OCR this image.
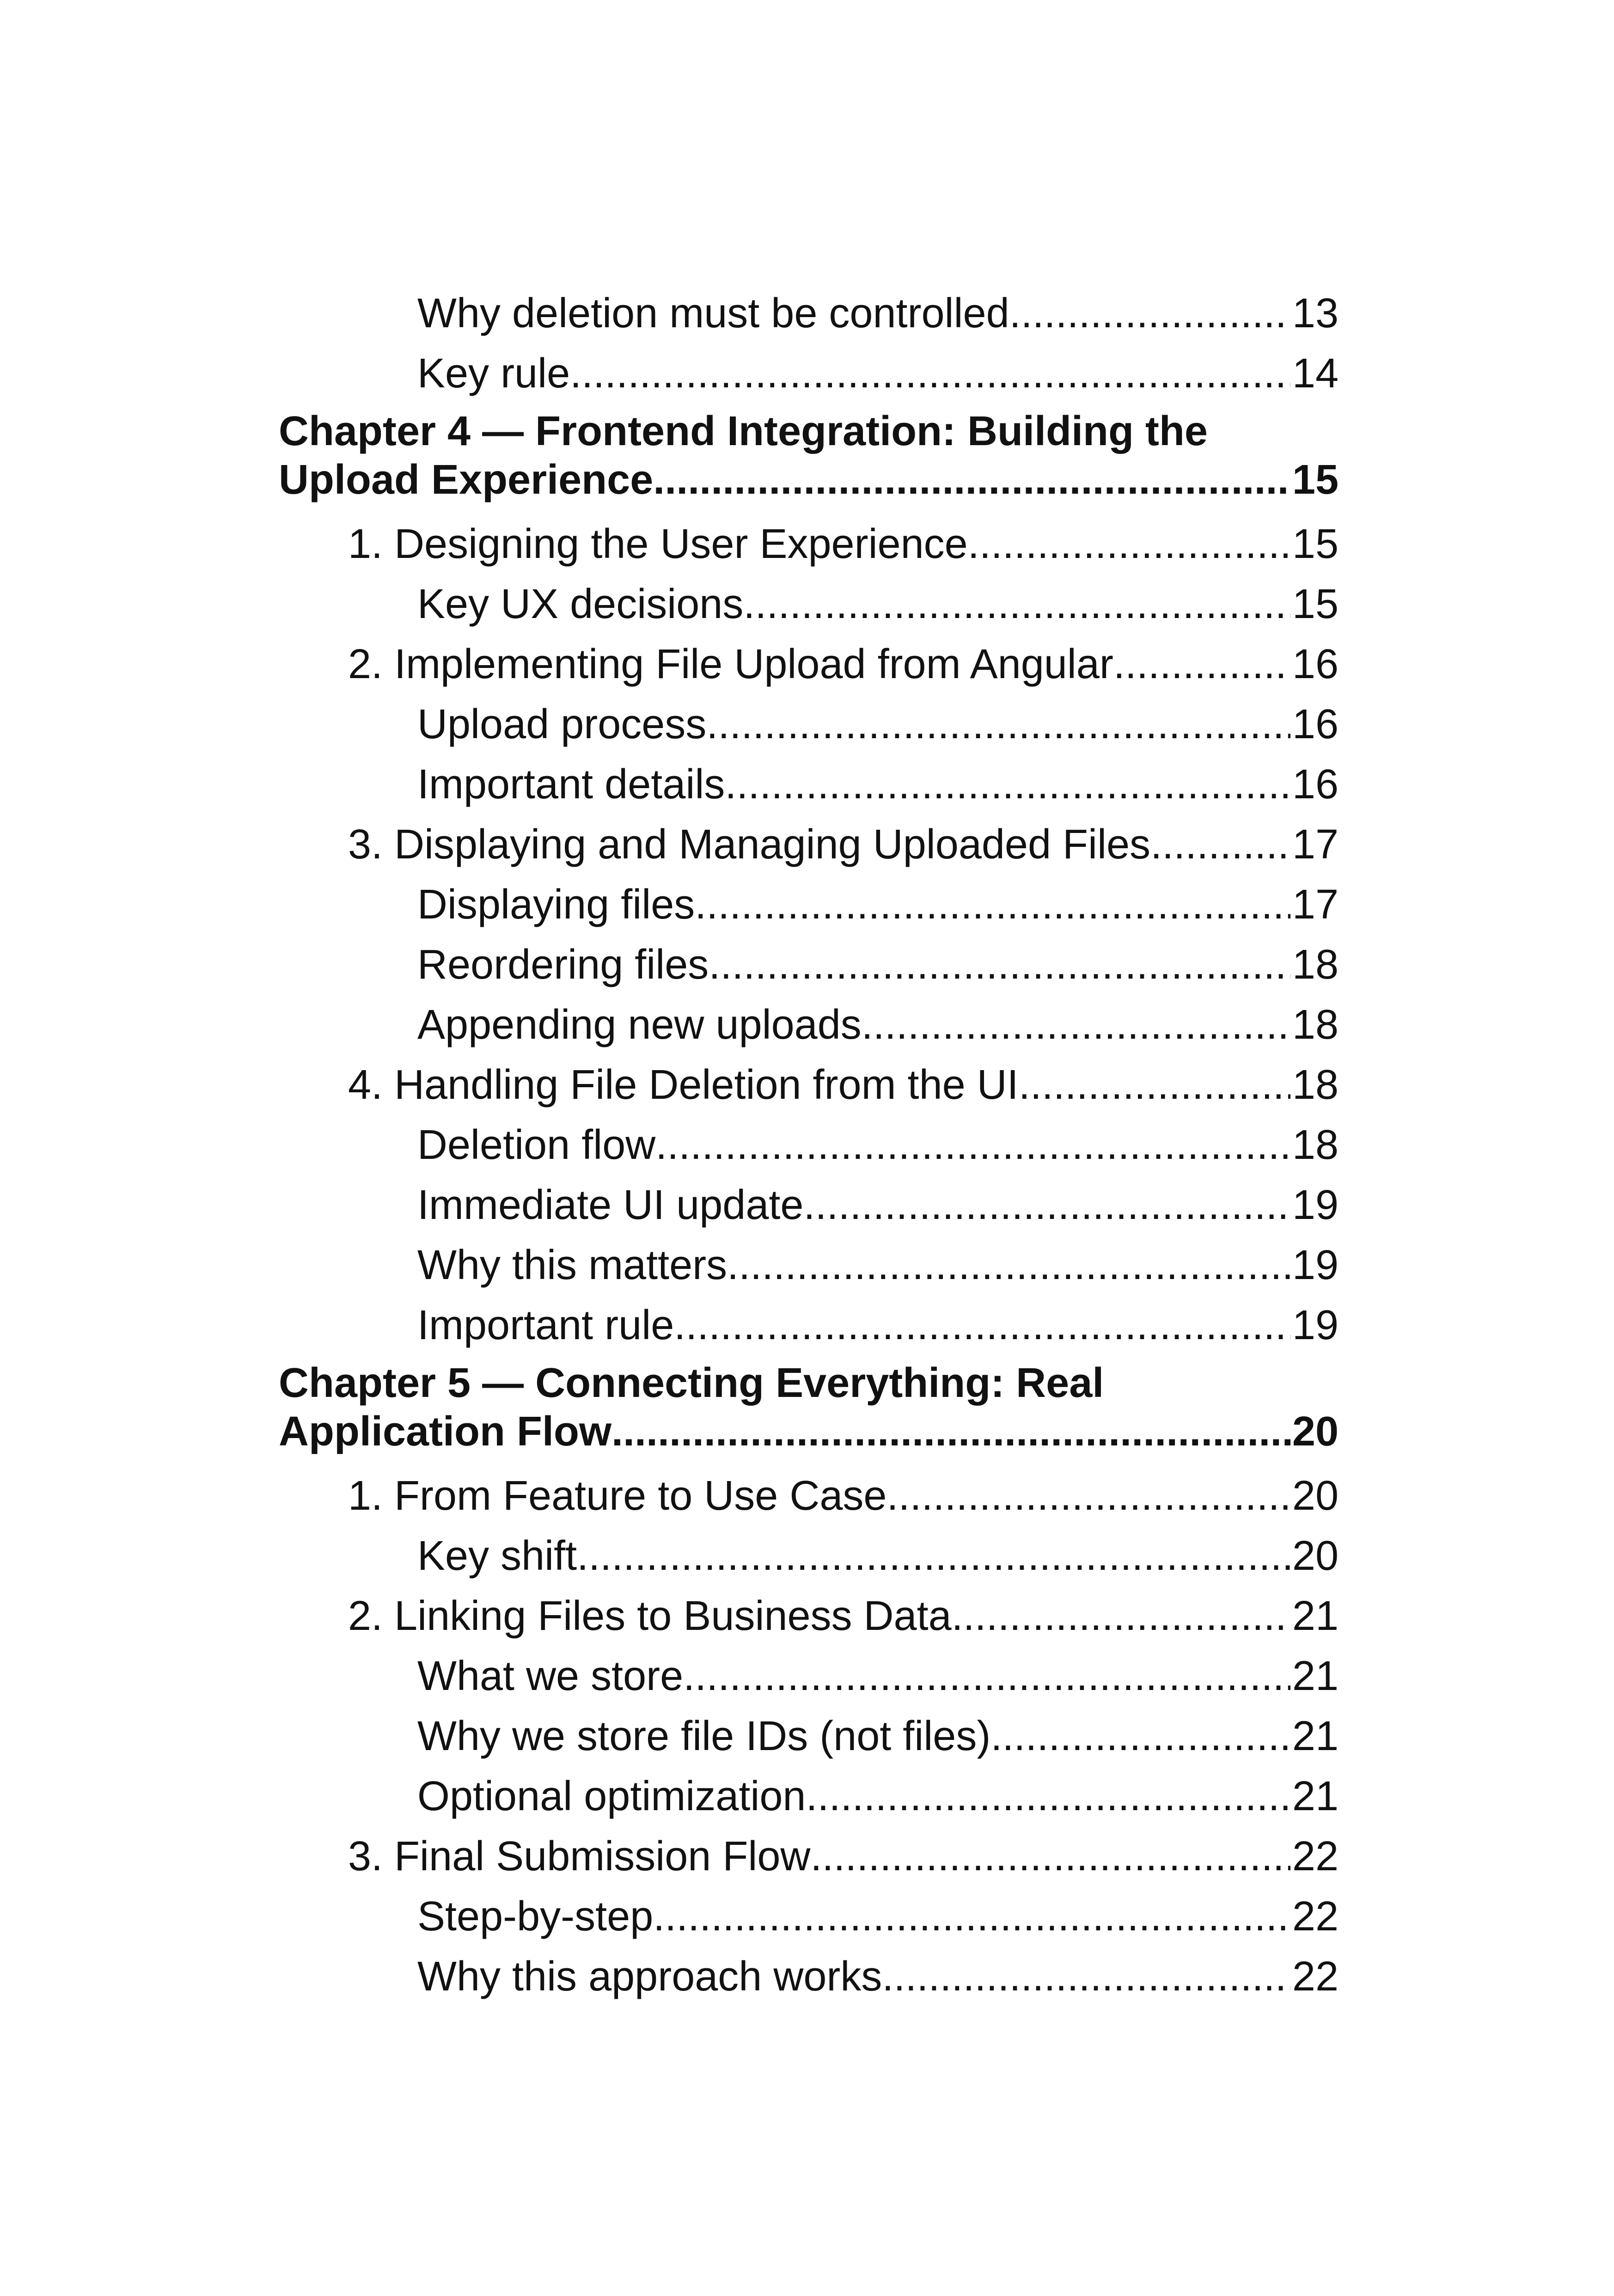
Why deletion must be controlled .....	13
Key rule .....	14
Chapter 4 — Frontend Integration: Building the
Upload Experience .....	15
1. Designing the User Experience .....	15
Key UX decisions .....	15
2. Implementing File Upload from Angular .....	16
Upload process .....	16
Important details .....	16
3. Displaying and Managing Uploaded Files .....	17
Displaying files .....	17
Reordering files .....	18
Appending new uploads .....	18
4. Handling File Deletion from the UI .....	18
Deletion flow .....	18
Immediate UI update .....	19
Why this matters .....	19
Important rule .....	19
Chapter 5 — Connecting Everything: Real
Application Flow .....	20
1. From Feature to Use Case .....	20
Key shift .....	20
2. Linking Files to Business Data .....	21
What we store .....	21
Why we store file IDs (not files) .....	21
Optional optimization .....	21
3. Final Submission Flow .....	22
Step-by-step .....	22
Why this approach works .....	22
